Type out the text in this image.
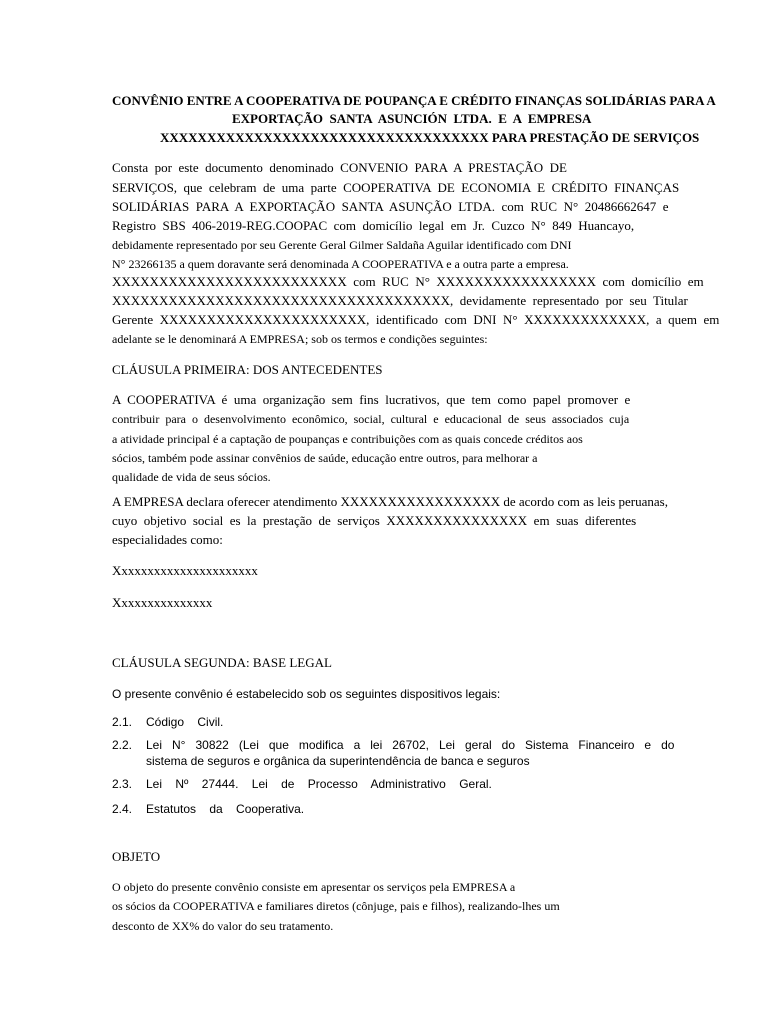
CONVÊNIO ENTRE A COOPERATIVA DE POUPANÇA E CRÉDITO FINANÇAS SOLIDÁRIAS PARA A
EXPORTAÇÃO  SANTA  ASUNCIÓN  LTDA.  E  A  EMPRESA
XXXXXXXXXXXXXXXXXXXXXXXXXXXXXXXXXXX PARA PRESTAÇÃO DE SERVIÇOS
Consta  por  este  documento  denominado  CONVENIO  PARA  A  PRESTAÇÃO  DE
SERVIÇOS,  que  celebram  de  uma  parte  COOPERATIVA  DE  ECONOMIA  E  CRÉDITO  FINANÇAS
SOLIDÁRIAS  PARA  A  EXPORTAÇÃO  SANTA  ASUNÇÃO  LTDA.  com  RUC  N°  20486662647  e
Registro  SBS  406-2019-REG.COOPAC  com  domicílio  legal  em  Jr.  Cuzco  N°  849  Huancayo,
debidamente representado por seu Gerente Geral Gilmer Saldaña Aguilar identificado com DNI
N° 23266135 a quem doravante será denominada A COOPERATIVA e a outra parte a empresa.
XXXXXXXXXXXXXXXXXXXXXXXXX  com  RUC  N°  XXXXXXXXXXXXXXXXX  com  domicílio  em
XXXXXXXXXXXXXXXXXXXXXXXXXXXXXXXXXXXX,  devidamente  representado  por  seu  Titular
Gerente  XXXXXXXXXXXXXXXXXXXXXX,  identificado  com  DNI  N°  XXXXXXXXXXXXX,  a  quem  em
adelante se le denominará A EMPRESA; sob os termos e condições seguintes:
CLÁUSULA PRIMEIRA: DOS ANTECEDENTES
A  COOPERATIVA  é  uma  organização  sem  fins  lucrativos,  que  tem  como  papel  promover  e
contribuir  para  o  desenvolvimento  econômico,  social,  cultural  e  educacional  de  seus  associados  cuja
a atividade principal é a captação de poupanças e contribuições com as quais concede créditos aos
sócios, também pode assinar convênios de saúde, educação entre outros, para melhorar a
qualidade de vida de seus sócios.
A EMPRESA declara oferecer atendimento XXXXXXXXXXXXXXXXX de acordo com as leis peruanas,
cuyo  objetivo  social  es  la  prestação  de  serviços  XXXXXXXXXXXXXXX  em  suas  diferentes
especialidades como:
Xxxxxxxxxxxxxxxxxxxxxx
Xxxxxxxxxxxxxxx
CLÁUSULA SEGUNDA: BASE LEGAL
O presente convênio é estabelecido sob os seguintes dispositivos legais:
2.1. Código    Civil.
2.2. Lei   N°   30822   (Lei   que   modifica   a   lei   26702,   Lei   geral   do   Sistema   Financeiro   e   do
sistema de seguros e orgânica da superintendência de banca e seguros
2.3. Lei    Nº    27444.    Lei    de    Processo    Administrativo    Geral.
2.4. Estatutos    da    Cooperativa.
OBJETO
O objeto do presente convênio consiste em apresentar os serviços pela EMPRESA a
os sócios da COOPERATIVA e familiares diretos (cônjuge, pais e filhos), realizando-lhes um
desconto de XX% do valor do seu tratamento.
